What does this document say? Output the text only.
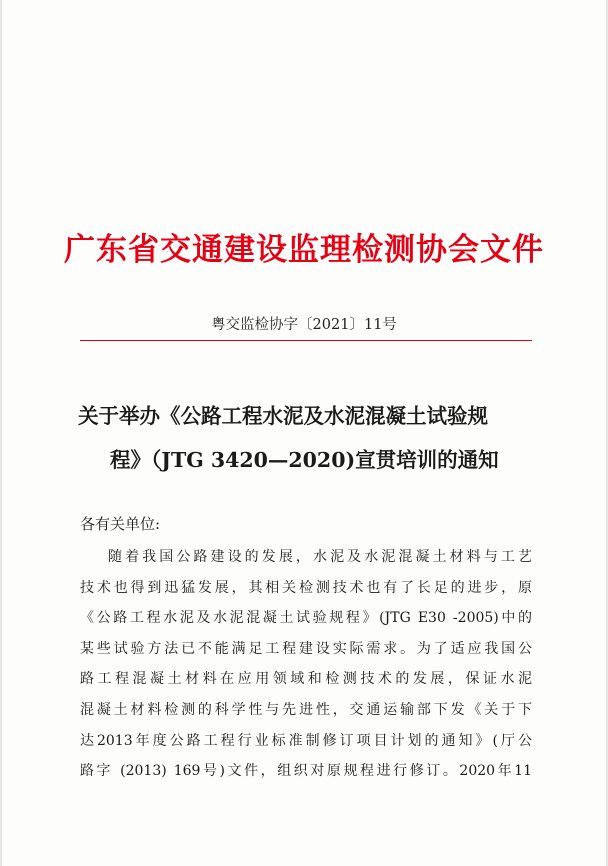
广东省交通建设监理检测协会文件
粤交监检协字〔2021〕11号
关于举办《公路工程水泥及水泥混凝土试验规
程》（JTG 3420—2020)宣贯培训的通知
各有关单位:
随着我国公路建设的发展，水泥及水泥混凝土材料与工艺
技术也得到迅猛发展，其相关检测技术也有了长足的进步，原
《公路工程水泥及水泥混凝土试验规程》(JTG E30 -2005)中的
某些试验方法已不能满足工程建设实际需求。为了适应我国公
路工程混凝土材料在应用领域和检测技术的发展，保证水泥
混凝土材料检测的科学性与先进性，交通运输部下发《关于下
达2013年度公路工程行业标准制修订项目计划的通知》(厅公
路字 (2013) 169号)文件，组织对原规程进行修订。2020年11
